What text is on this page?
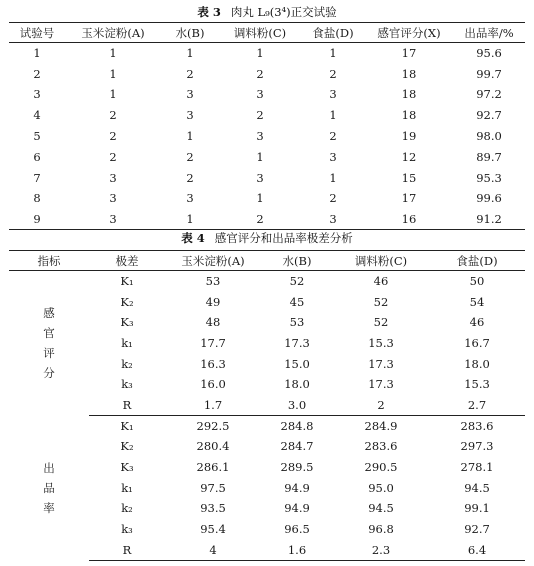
表 3 肉丸 L₉(3⁴)正交试验
试验号	玉米淀粉(A)	水(B)	调料粉(C)	食盐(D)	感官评分(X)	出品率/%
1	1	1	1	1	17	95.6
2	1	2	2	2	18	99.7
3	1	3	3	3	18	97.2
4	2	3	2	1	18	92.7
5	2	1	3	2	19	98.0
6	2	2	1	3	12	89.7
7	3	2	3	1	15	95.3
8	3	3	1	2	17	99.6
9	3	1	2	3	16	91.2
表 4 感官评分和出品率极差分析
指标	极差	玉米淀粉(A)	水(B)	调料粉(C)	食盐(D)

感
官
评
分	K₁	53	52	46	50
	K₂	49	45	52	54
	K₃	48	53	52	46
	k₁	17.7	17.3	15.3	16.7
	k₂	16.3	15.0	17.3	18.0
	k₃	16.0	18.0	17.3	15.3
	R	1.7	3.0	2	2.7

出
品
率	K₁	292.5	284.8	284.9	283.6
	K₂	280.4	284.7	283.6	297.3
	K₃	286.1	289.5	290.5	278.1
	k₁	97.5	94.9	95.0	94.5
	k₂	93.5	94.9	94.5	99.1
	k₃	95.4	96.5	96.8	92.7
	R	4	1.6	2.3	6.4
